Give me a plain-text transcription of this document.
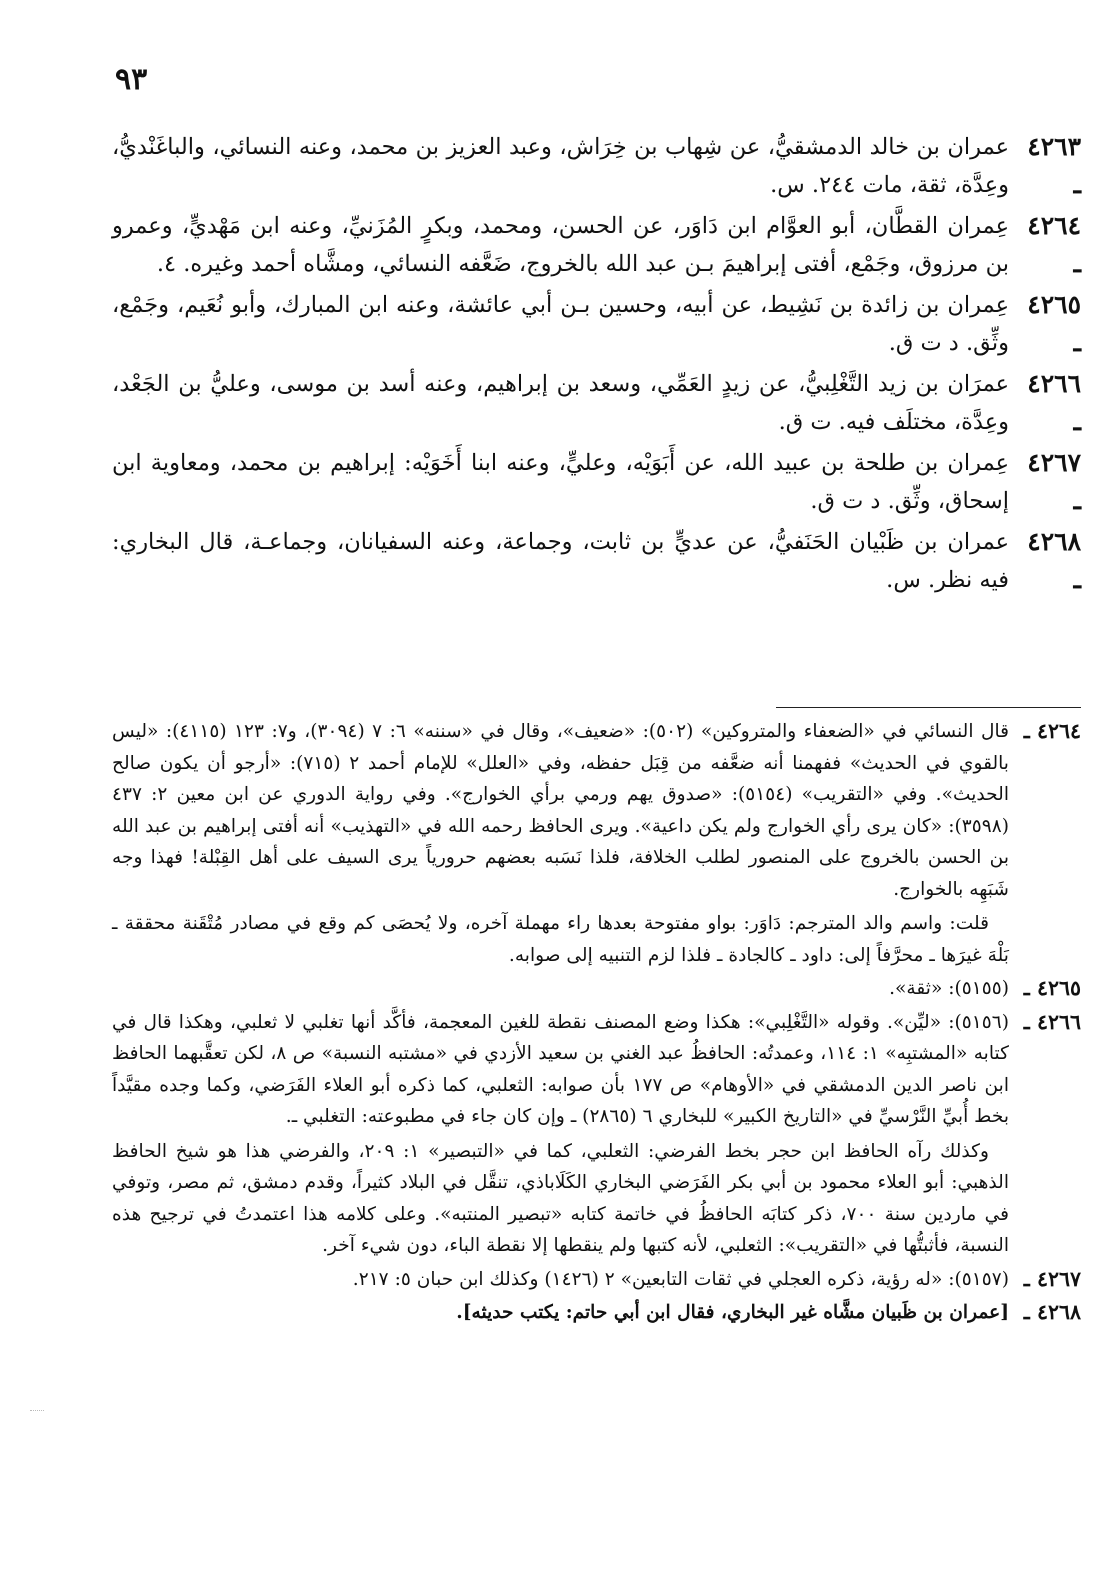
٩٣
٤٢٦٣ ـ
عمران بن خالد الدمشقيُّ، عن شِهاب بن خِرَاش، وعبد العزيز بن محمد، وعنه النسائي، والباغَنْديُّ، وعِدَّة، ثقة، مات ٢٤٤. س.
٤٢٦٤ ـ
عِمران القطَّان، أبو العوَّام ابن دَاوَر، عن الحسن، ومحمد، وبكرٍ المُزَنيِّ، وعنه ابن مَهْديٍّ، وعمرو بن مرزوق، وجَمْع، أفتى إبراهيمَ بـن عبد الله بالخروج، ضَعَّفه النسائي، ومشَّاه أحمد وغيره. ٤.
٤٢٦٥ ـ
عِمران بن زائدة بن نَشِيط، عن أبيه، وحسين بـن أبي عائشة، وعنه ابن المبارك، وأبو نُعَيم، وجَمْع، وثِّق. د ت ق.
٤٢٦٦ ـ
عمرَان بن زيد التَّغْلِبيُّ، عن زيدٍ العَمِّي، وسعد بن إبراهيم، وعنه أسد بن موسى، وعليُّ بن الجَعْد، وعِدَّة، مختلَف فيه. ت ق.
٤٢٦٧ ـ
عِمران بن طلحة بن عبيد الله، عن أَبَوَيْه، وعليٍّ، وعنه ابنا أَخَوَيْه: إبراهيم بن محمد، ومعاوية ابن إسحاق، وثِّق. د ت ق.
٤٢٦٨ ـ
عمران بن ظَبْيان الحَنَفيُّ، عن عديٍّ بن ثابت، وجماعة، وعنه السفيانان، وجماعـة، قال البخاري: فيه نظر. س.
٤٢٦٤ ـ

قال النسائي في «الضعفاء والمتروكين» (٥٠٢): «ضعيف»، وقال في «سننه» ٦: ٧ (٣٠٩٤)، و٧: ١٢٣ (٤١١٥): «ليس بالقوي في الحديث» ففهمنا أنه ضعَّفه من قِبَل حفظه، وفي «العلل» للإمام أحمد ٢ (٧١٥): «أرجو أن يكون صالح الحديث». وفي «التقريب» (٥١٥٤): «صدوق يهم ورمي برأي الخوارج». وفي رواية الدوري عن ابن معين ٢: ٤٣٧ (٣٥٩٨): «كان يرى رأي الخوارج ولم يكن داعية». ويرى الحافظ رحمه الله في «التهذيب» أنه أفتى إبراهيم بن عبد الله بن الحسن بالخروج على المنصور لطلب الخلافة، فلذا نَسَبه بعضهم حرورياً يرى السيف على أهل القِبْلة! فهذا وجه شَبَهِه بالخوارج.

قلت: واسم والد المترجم: دَاوَر: بواو مفتوحة بعدها راء مهملة آخره، ولا يُحصَى كم وقع في مصادر مُتْقَنة محققة ـ بَلْهَ غيرَها ـ محرَّفاً إلى: داود ـ كالجادة ـ فلذا لزم التنبيه إلى صوابه.

٤٢٦٥ ـ

(٥١٥٥): «ثقة».

٤٢٦٦ ـ

(٥١٥٦): «ليِّن». وقوله «التَّغْلِبي»: هكذا وضع المصنف نقطة للغين المعجمة، فأكَّد أنها تغلبي لا ثعلبي، وهكذا قال في كتابه «المشتبِه» ١: ١١٤، وعمدتُه: الحافظُ عبد الغني بن سعيد الأزدي في «مشتبه النسبة» ص ٨، لكن تعقَّبهما الحافظ ابن ناصر الدين الدمشقي في «الأوهام» ص ١٧٧ بأن صوابه: الثعلبي، كما ذكره أبو العلاء الفَرَضي، وكما وجده مقيَّداً بخط أُبيِّ النَّرْسيِّ في «التاريخ الكبير» للبخاري ٦ (٢٨٦٥) ـ وإن كان جاء في مطبوعته: التغلبي ـ.

وكذلك رآه الحافظ ابن حجر بخط الفرضي: الثعلبي، كما في «التبصير» ١: ٢٠٩، والفرضي هذا هو شيخ الحافظ الذهبي: أبو العلاء محمود بن أبي بكر الفَرَضي البخاري الكَلَاباذي، تنقَّل في البلاد كثيراً، وقدم دمشق، ثم مصر، وتوفي في ماردين سنة ٧٠٠، ذكر كتابَه الحافظُ في خاتمة كتابه «تبصير المنتبه». وعلى كلامه هذا اعتمدتُ في ترجيح هذه النسبة، فأثبتُّها في «التقريب»: الثعلبي، لأنه كتبها ولم ينقطها إلا نقطة الباء، دون شيء آخر.

٤٢٦٧ ـ

(٥١٥٧): «له رؤية، ذكره العجلي في ثقات التابعين» ٢ (١٤٢٦) وكذلك ابن حبان ٥: ٢١٧.

٤٢٦٨ ـ

[عمران بن ظَبيان مشَّاه غير البخاري، فقال ابن أبي حاتم: يكتب حديثه].
